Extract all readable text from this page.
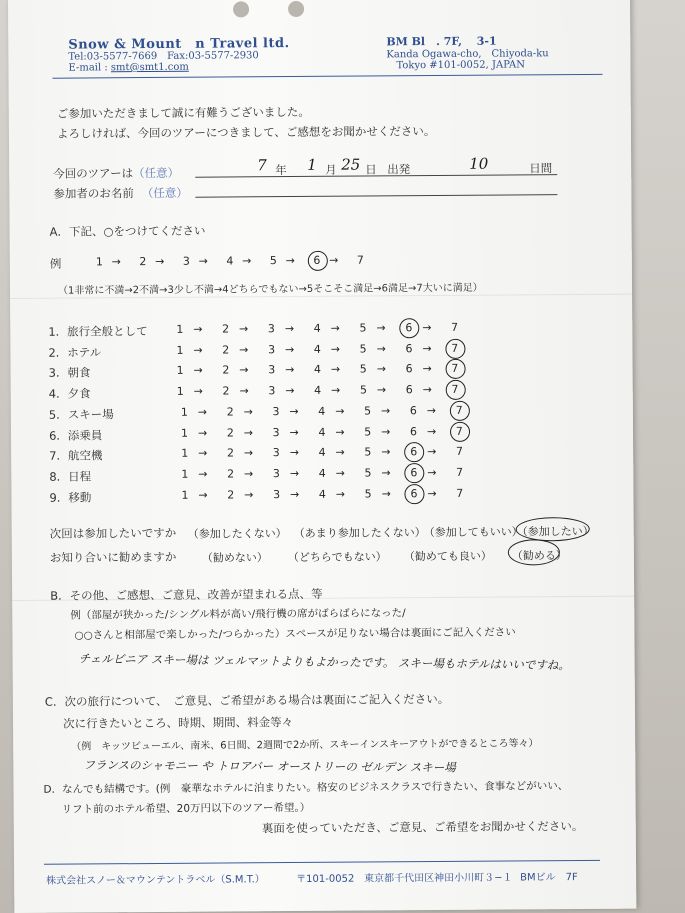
Snow & Mount　n Travel ltd.
Tel:03-5577-7669　Fax:03-5577-2930
E-mail : smt@smt1.com
BM Bl　. 7F,　 3-1
Kanda Ogawa-cho,　Chiyoda-ku
Tokyo #101-0052, JAPAN
ご参加いただきまして誠に有難うございました。
よろしければ、今回のツアーにつきまして、ご感想をお聞かせください。
今回のツアーは（任意）	7 年 1 月 25 日 出発	10	日間
参加者のお名前 （任意）
A．下記、○をつけてください
例	1 → 2 → 3 → 4 → 5 → 6 → 7
（1非常に不満→2不満→3少し不満→4どちらでもない→5そこそこ満足→6満足→7大いに満足）
1．旅行全般として	1 → 2 → 3 → 4 → 5 → 6 → 7
2．ホテル	1 → 2 → 3 → 4 → 5 → 6 → 7
3．朝食	1 → 2 → 3 → 4 → 5 → 6 → 7
4．夕食	1 → 2 → 3 → 4 → 5 → 6 → 7
5．スキー場	1 → 2 → 3 → 4 → 5 → 6 → 7
6．添乗員	1 → 2 → 3 → 4 → 5 → 6 → 7
7．航空機	1 → 2 → 3 → 4 → 5 → 6 → 7
8．日程	1 → 2 → 3 → 4 → 5 → 6 → 7
9．移動	1 → 2 → 3 → 4 → 5 → 6 → 7
次回は参加したいですか （参加したくない） （あまり参加したくない）
（参加してもいい）
（参加したい）
お知り合いに勧めますか （勧めない） （どちらでもない） （勧めても良い） （勧める）
B．その他、ご感想、ご意見、改善が望まれる点、等
例（部屋が狭かった/シングル料が高い/飛行機の席がばらばらになった/
○○さんと相部屋で楽しかった/つらかった）スペースが足りない場合は裏面にご記入ください
チェルビニア スキー場は ツェルマットよりもよかったです。 スキー場もホテルはいいですね。
C．次の旅行について、　ご意見、ご希望がある場合は裏面にご記入ください。
次に行きたいところ、時期、期間、料金等々
（例　キッツビューエル、南米、6日間、2週間で2か所、スキーインスキーアウトができるところ等々）
フランスのシャモニー や トロアバー オーストリーの ゼルデン スキー場
D．なんでも結構です。(例　豪華なホテルに泊まりたい。格安のビジネスクラスで行きたい、食事などがいい、
リフト前のホテル希望、20万円以下のツアー希望。）
裏面を使っていただき、ご意見、ご希望をお聞かせください。
株式会社スノー＆マウンテントラベル（S.M.T.）	〒101-0052 東京都千代田区神田小川町３−１ BMビル　7F
